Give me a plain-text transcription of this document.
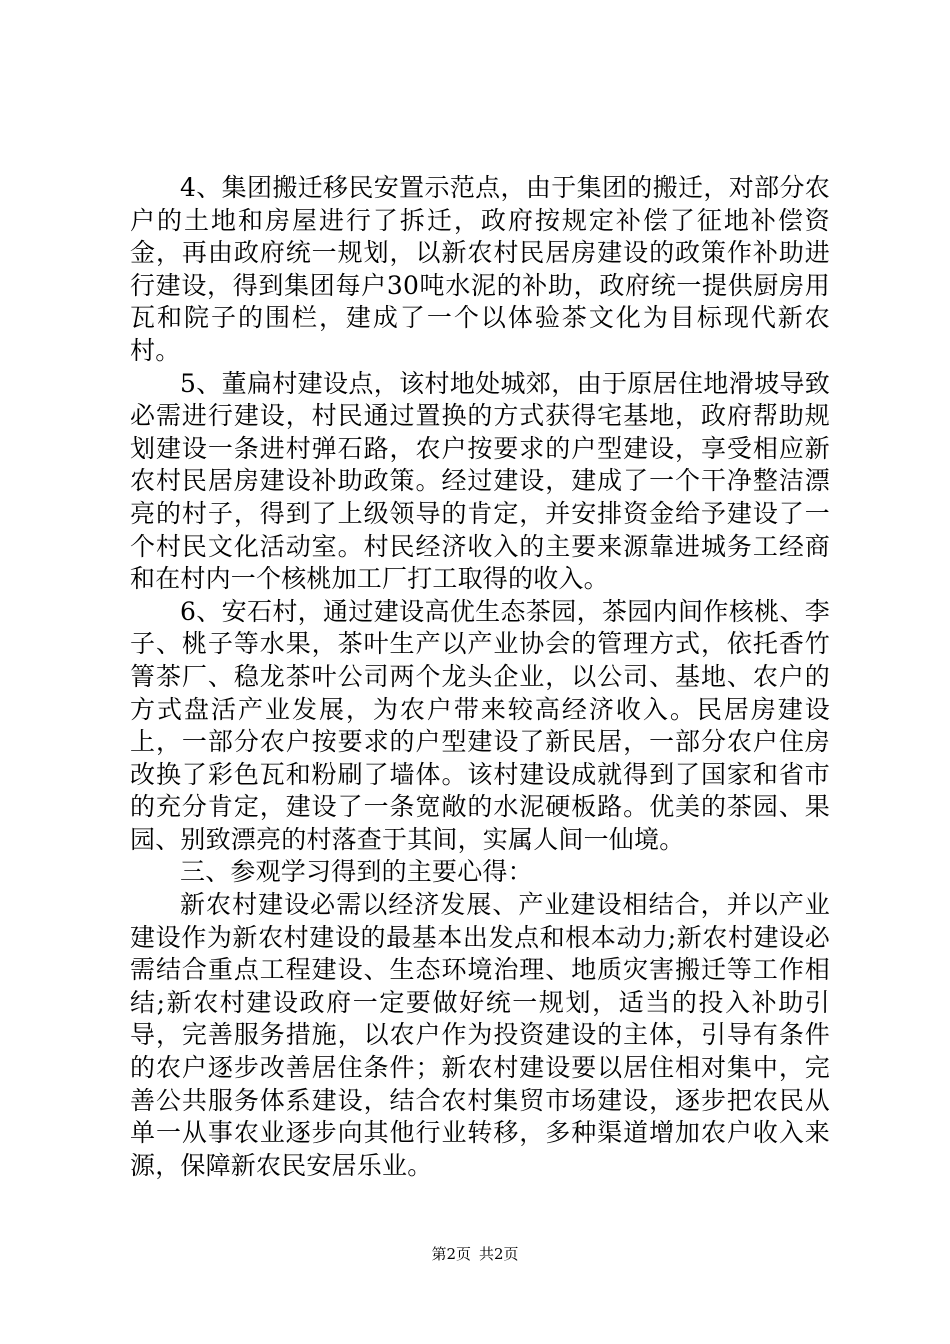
4、集团搬迁移民安置示范点，由于集团的搬迁，对部分农户的土地和房屋进行了拆迁，政府按规定补偿了征地补偿资金，再由政府统一规划，以新农村民居房建设的政策作补助进行建设，得到集团每户30吨水泥的补助，政府统一提供厨房用瓦和院子的围栏，建成了一个以体验茶文化为目标现代新农村。

5、董扁村建设点，该村地处城郊，由于原居住地滑坡导致必需进行建设，村民通过置换的方式获得宅基地，政府帮助规划建设一条进村弹石路，农户按要求的户型建设，享受相应新农村民居房建设补助政策。经过建设，建成了一个干净整洁漂亮的村子，得到了上级领导的肯定，并安排资金给予建设了一个村民文化活动室。村民经济收入的主要来源靠进城务工经商和在村内一个核桃加工厂打工取得的收入。

6、安石村，通过建设高优生态茶园，茶园内间作核桃、李子、桃子等水果，茶叶生产以产业协会的管理方式，依托香竹箐茶厂、稳龙茶叶公司两个龙头企业，以公司、基地、农户的方式盘活产业发展，为农户带来较高经济收入。民居房建设上，一部分农户按要求的户型建设了新民居，一部分农户住房改换了彩色瓦和粉刷了墙体。该村建设成就得到了国家和省市的充分肯定，建设了一条宽敞的水泥硬板路。优美的茶园、果园、别致漂亮的村落查于其间，实属人间一仙境。

三、参观学习得到的主要心得：

新农村建设必需以经济发展、产业建设相结合，并以产业建设作为新农村建设的最基本出发点和根本动力;新农村建设必需结合重点工程建设、生态环境治理、地质灾害搬迁等工作相结;新农村建设政府一定要做好统一规划，适当的投入补助引导，完善服务措施，以农户作为投资建设的主体，引导有条件的农户逐步改善居住条件；新农村建设要以居住相对集中，完善公共服务体系建设，结合农村集贸市场建设，逐步把农民从单一从事农业逐步向其他行业转移，多种渠道增加农户收入来源，保障新农民安居乐业。

第2页 共2页
